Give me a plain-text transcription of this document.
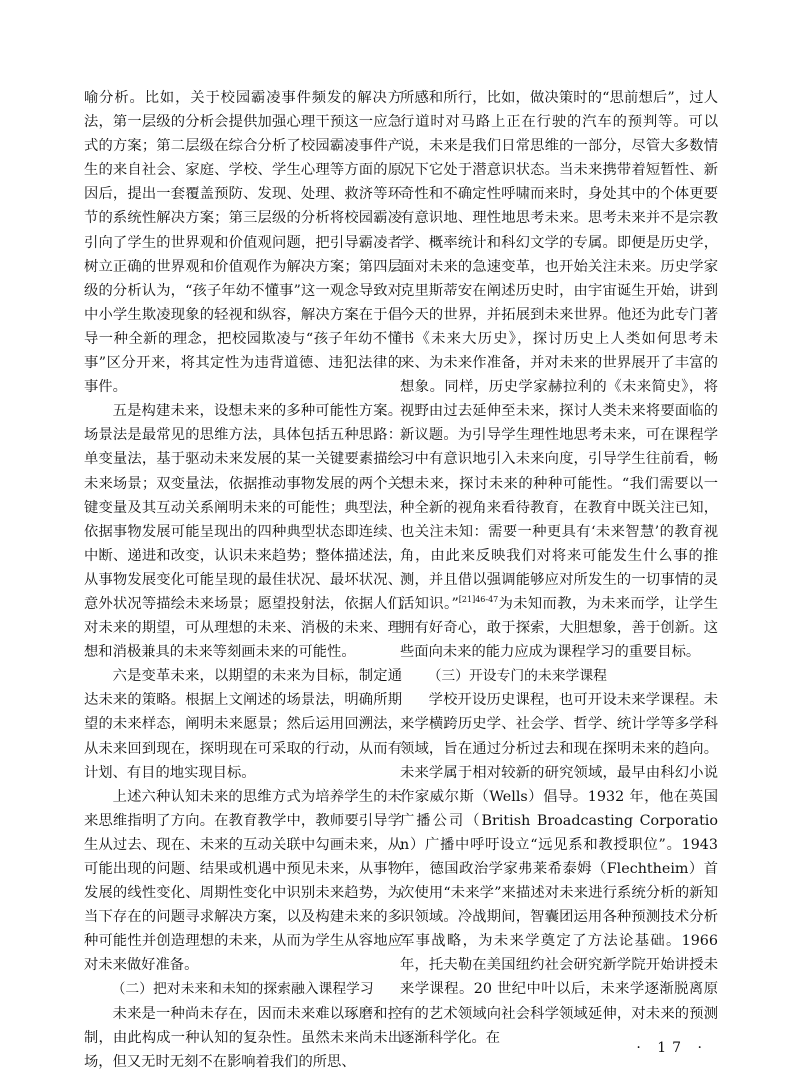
喻分析。比如，关于校园霸凌事件频发的解决方法，第一层级的分析会提供加强心理干预这一应急式的方案；第二层级在综合分析了校园霸凌事件产生的来自社会、家庭、学校、学生心理等方面的原因后，提出一套覆盖预防、发现、处理、救济等环节的系统性解决方案；第三层级的分析将校园霸凌引向了学生的世界观和价值观问题，把引导霸凌者树立正确的世界观和价值观作为解决方案；第四层级的分析认为，“孩子年幼不懂事”这一观念导致对中小学生欺凌现象的轻视和纵容，解决方案在于倡导一种全新的理念，把校园欺凌与“孩子年幼不懂事”区分开来，将其定性为违背道德、违犯法律的事件。

五是构建未来，设想未来的多种可能性方案。场景法是最常见的思维方法，具体包括五种思路：单变量法，基于驱动未来发展的某一关键要素描绘未来场景；双变量法，依据推动事物发展的两个关键变量及其互动关系阐明未来的可能性；典型法，依据事物发展可能呈现出的四种典型状态即连续、中断、递进和改变，认识未来趋势；整体描述法，从事物发展变化可能呈现的最佳状况、最坏状况、意外状况等描绘未来场景；愿望投射法，依据人们对未来的期望，可从理想的未来、消极的未来、理想和消极兼具的未来等刻画未来的可能性。

六是变革未来，以期望的未来为目标，制定通达未来的策略。根据上文阐述的场景法，明确所期望的未来样态，阐明未来愿景；然后运用回溯法，从未来回到现在，探明现在可采取的行动，从而有计划、有目的地实现目标。

上述六种认知未来的思维方式为培养学生的未来思维指明了方向。在教育教学中，教师要引导学生从过去、现在、未来的互动关联中勾画未来，从可能出现的问题、结果或机遇中预见未来，从事物发展的线性变化、周期性变化中识别未来趋势，为当下存在的问题寻求解决方案，以及构建未来的多种可能性并创造理想的未来，从而为学生从容地应对未来做好准备。

（二）把对未来和未知的探索融入课程学习

未来是一种尚未存在，因而未来难以琢磨和控制，由此构成一种认知的复杂性。虽然未来尚未出场，但又无时无刻不在影响着我们的所思、

所感和所行，比如，做决策时的“思前想后”，过人行道时对马路上正在行驶的汽车的预判等。可以说，未来是我们日常思维的一部分，尽管大多数情况下它处于潜意识状态。当未来携带着短暂性、新奇性和不确定性呼啸而来时，身处其中的个体更要有意识地、理性地思考未来。思考未来并不是宗教学、概率统计和科幻文学的专属。即便是历史学，面对未来的急速变革，也开始关注未来。历史学家克里斯蒂安在阐述历史时，由宇宙诞生开始，讲到今天的世界，并拓展到未来世界。他还为此专门著书《未来大历史》，探讨历史上人类如何思考未来、为未来作准备，并对未来的世界展开了丰富的想象。同样，历史学家赫拉利的《未来简史》，将视野由过去延伸至未来，探讨人类未来将要面临的新议题。为引导学生理性地思考未来，可在课程学习中有意识地引入未来向度，引导学生往前看，畅想未来，探讨未来的种种可能性。“我们需要以一种全新的视角来看待教育，在教育中既关注已知，也关注未知：需要一种更具有‘未来智慧’的教育视角，由此来反映我们对将来可能发生什么事的推测，并且借以强调能够应对所发生的一切事情的灵活知识。”$^{[21]46-47}$为未知而教，为未来而学，让学生拥有好奇心，敢于探索，大胆想象，善于创新。这些面向未来的能力应成为课程学习的重要目标。

（三）开设专门的未来学课程

学校开设历史课程，也可开设未来学课程。未来学横跨历史学、社会学、哲学、统计学等多学科领域，旨在通过分析过去和现在探明未来的趋向。未来学属于相对较新的研究领域，最早由科幻小说作家威尔斯（Wells）倡导。1932 年，他在英国广播公司（British Broadcasting Corporation）广播中呼吁设立“远见系和教授职位”。1943 年，德国政治学家弗莱希泰姆（Flechtheim）首次使用“未来学”来描述对未来进行系统分析的新知识领域。冷战期间，智囊团运用各种预测技术分析军事战略，为未来学奠定了方法论基础。1966 年，托夫勒在美国纽约社会研究新学院开始讲授未来学课程。20 世纪中叶以后，未来学逐渐脱离原有的艺术领域向社会科学领域延伸，对未来的预测逐渐科学化。在

· 17 ·
